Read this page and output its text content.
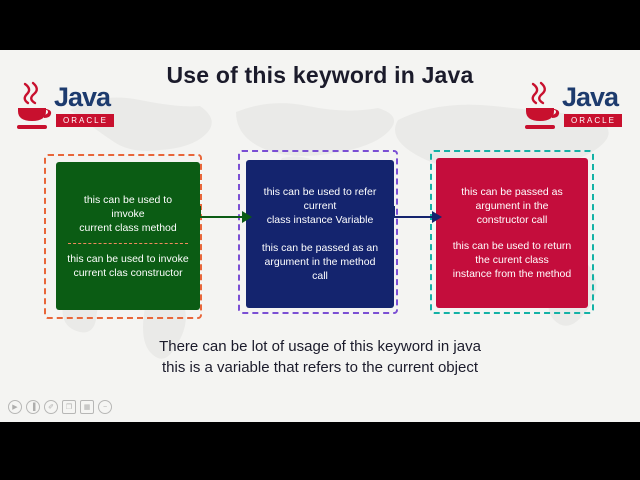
Use of this keyword in Java
Java
ORACLE
Java
ORACLE
this can be used to imvoke
current class method
this can be used to invoke
current clas constructor
this can be used to refer
current
class instance Variable
this can be passed as an
argument in the method
call
this can be passed as
argument in the
constructor call
this can be used to return
the curent class
instance from the method
There can be lot of usage of this keyword in java
this is a variable that refers to the current object
▶	▐	✐	❐	▦	−
